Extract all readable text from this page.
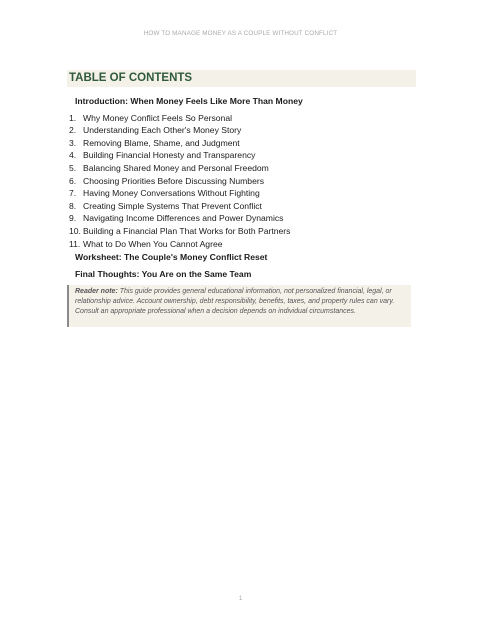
HOW TO MANAGE MONEY AS A COUPLE WITHOUT CONFLICT
TABLE OF CONTENTS
Introduction: When Money Feels Like More Than Money
1. Why Money Conflict Feels So Personal
2. Understanding Each Other's Money Story
3. Removing Blame, Shame, and Judgment
4. Building Financial Honesty and Transparency
5. Balancing Shared Money and Personal Freedom
6. Choosing Priorities Before Discussing Numbers
7. Having Money Conversations Without Fighting
8. Creating Simple Systems That Prevent Conflict
9. Navigating Income Differences and Power Dynamics
10. Building a Financial Plan That Works for Both Partners
11. What to Do When You Cannot Agree
Worksheet: The Couple's Money Conflict Reset
Final Thoughts: You Are on the Same Team
Reader note: This guide provides general educational information, not personalized financial, legal, or relationship advice. Account ownership, debt responsibility, benefits, taxes, and property rules can vary. Consult an appropriate professional when a decision depends on individual circumstances.
1
